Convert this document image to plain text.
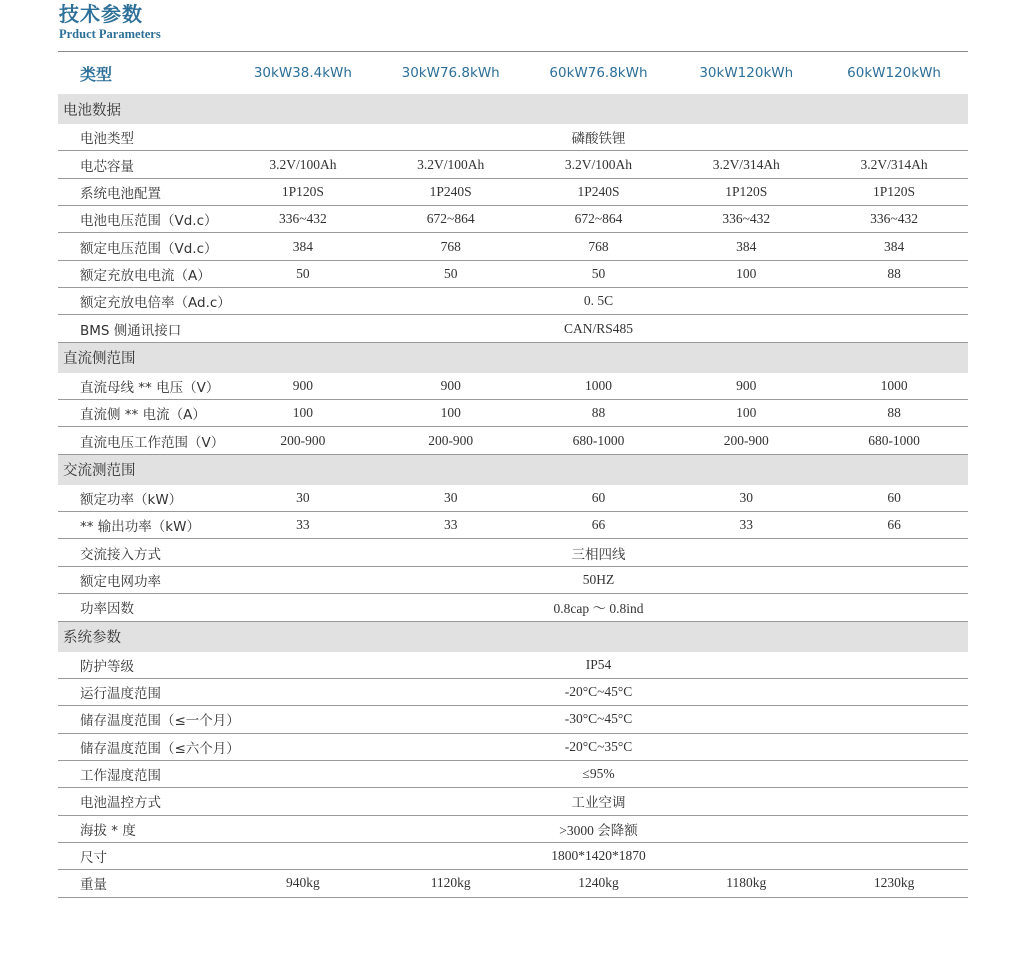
技术参数
Prduct Parameters
类型	30kW38.4kWh	30kW76.8kWh	60kW76.8kWh	30kW120kWh	60kW120kWh
电池数据					
电池类型	磷酸铁锂				
电芯容量	3.2V/100Ah	3.2V/100Ah	3.2V/100Ah	3.2V/314Ah	3.2V/314Ah
系统电池配置	1P120S	1P240S	1P240S	1P120S	1P120S
电池电压范围（Vd.c）	336~432	672~864	672~864	336~432	336~432
额定电压范围（Vd.c）	384	768	768	384	384
额定充放电电流（A）	50	50	50	100	88
额定充放电倍率（Ad.c）	0. 5C				
BMS 侧通讯接口	CAN/RS485				
直流侧范围					
直流母线 ** 电压（V）	900	900	1000	900	1000
直流侧 ** 电流（A）	100	100	88	100	88
直流电压工作范围（V）	200-900	200-900	680-1000	200-900	680-1000
交流测范围					
额定功率（kW）	30	30	60	30	60
** 输出功率（kW）	33	33	66	33	66
交流接入方式	三相四线				
额定电网功率	50HZ				
功率因数	0.8cap 〜 0.8ind				
系统参数					
防护等级	IP54				
运行温度范围	-20°C~45°C				
储存温度范围（≤一个月）	-30°C~45°C				
储存温度范围（≤六个月）	-20°C~35°C				
工作湿度范围	≤95%				
电池温控方式	工业空调				
海拔 * 度	>3000 会降额				
尺寸	1800*1420*1870				
重量	940kg	1120kg	1240kg	1180kg	1230kg
